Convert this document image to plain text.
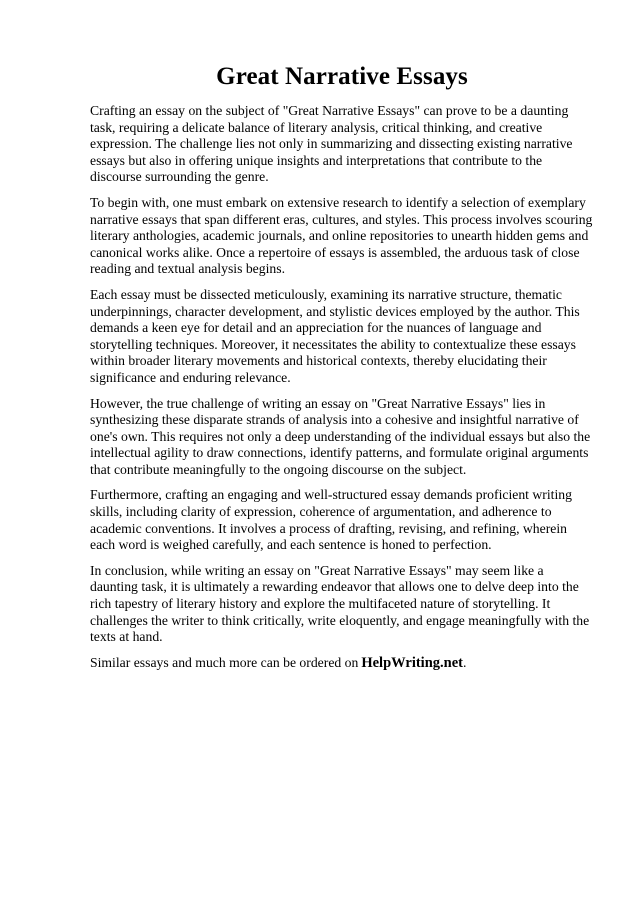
Great Narrative Essays

Crafting an essay on the subject of "Great Narrative Essays" can prove to be a daunting task, requiring a delicate balance of literary analysis, critical thinking, and creative expression. The challenge lies not only in summarizing and dissecting existing narrative essays but also in offering unique insights and interpretations that contribute to the discourse surrounding the genre.

To begin with, one must embark on extensive research to identify a selection of exemplary narrative essays that span different eras, cultures, and styles. This process involves scouring literary anthologies, academic journals, and online repositories to unearth hidden gems and canonical works alike. Once a repertoire of essays is assembled, the arduous task of close reading and textual analysis begins.

Each essay must be dissected meticulously, examining its narrative structure, thematic underpinnings, character development, and stylistic devices employed by the author. This demands a keen eye for detail and an appreciation for the nuances of language and storytelling techniques. Moreover, it necessitates the ability to contextualize these essays within broader literary movements and historical contexts, thereby elucidating their significance and enduring relevance.

However, the true challenge of writing an essay on "Great Narrative Essays" lies in synthesizing these disparate strands of analysis into a cohesive and insightful narrative of one's own. This requires not only a deep understanding of the individual essays but also the intellectual agility to draw connections, identify patterns, and formulate original arguments that contribute meaningfully to the ongoing discourse on the subject.

Furthermore, crafting an engaging and well-structured essay demands proficient writing skills, including clarity of expression, coherence of argumentation, and adherence to academic conventions. It involves a process of drafting, revising, and refining, wherein each word is weighed carefully, and each sentence is honed to perfection.

In conclusion, while writing an essay on "Great Narrative Essays" may seem like a daunting task, it is ultimately a rewarding endeavor that allows one to delve deep into the rich tapestry of literary history and explore the multifaceted nature of storytelling. It challenges the writer to think critically, write eloquently, and engage meaningfully with the texts at hand.

Similar essays and much more can be ordered on HelpWriting.net.
